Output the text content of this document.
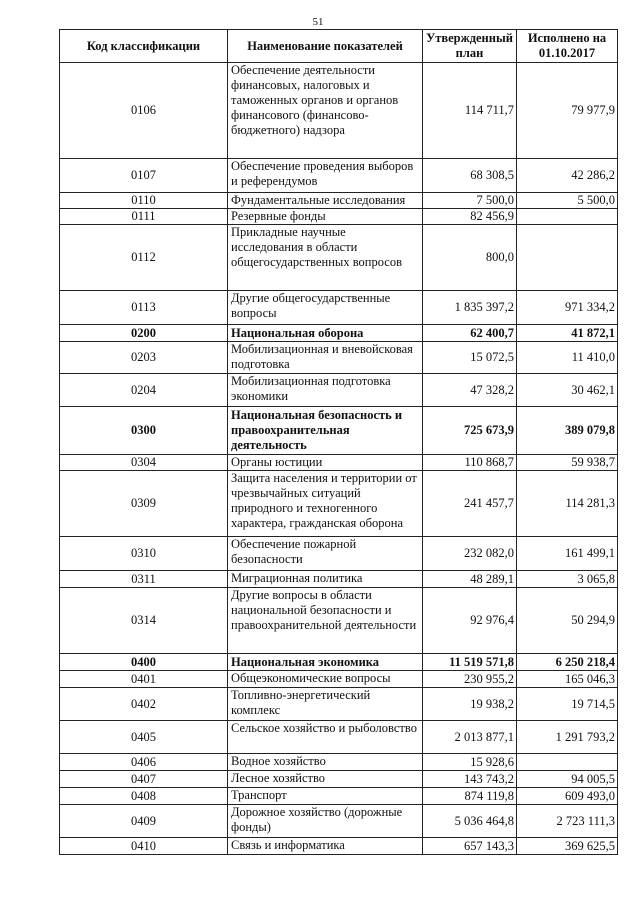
51
Код классификации	Наименование показателей	Утвержденный план	Исполнено на 01.10.2017
0106	Обеспечение деятельности финансовых, налоговых и таможенных органов и органов финансового (финансово-бюджетного) надзора	114 711,7	79 977,9
0107	Обеспечение проведения выборов и референдумов	68 308,5	42 286,2
0110	Фундаментальные исследования	7 500,0	5 500,0
0111	Резервные фонды	82 456,9	
0112	Прикладные научные исследования в области общегосударственных вопросов	800,0	
0113	Другие общегосударственные вопросы	1 835 397,2	971 334,2
0200	Национальная оборона	62 400,7	41 872,1
0203	Мобилизационная и вневойсковая подготовка	15 072,5	11 410,0
0204	Мобилизационная подготовка экономики	47 328,2	30 462,1
0300	Национальная безопасность и правоохранительная деятельность	725 673,9	389 079,8
0304	Органы юстиции	110 868,7	59 938,7
0309	Защита населения и территории от чрезвычайных ситуаций природного и техногенного характера, гражданская оборона	241 457,7	114 281,3
0310	Обеспечение пожарной безопасности	232 082,0	161 499,1
0311	Миграционная политика	48 289,1	3 065,8
0314	Другие вопросы в области национальной безопасности и правоохранительной деятельности	92 976,4	50 294,9
0400	Национальная экономика	11 519 571,8	6 250 218,4
0401	Общеэкономические вопросы	230 955,2	165 046,3
0402	Топливно-энергетический комплекс	19 938,2	19 714,5
0405	Сельское хозяйство и рыболовство	2 013 877,1	1 291 793,2
0406	Водное хозяйство	15 928,6	
0407	Лесное хозяйство	143 743,2	94 005,5
0408	Транспорт	874 119,8	609 493,0
0409	Дорожное хозяйство (дорожные фонды)	5 036 464,8	2 723 111,3
0410	Связь и информатика	657 143,3	369 625,5
